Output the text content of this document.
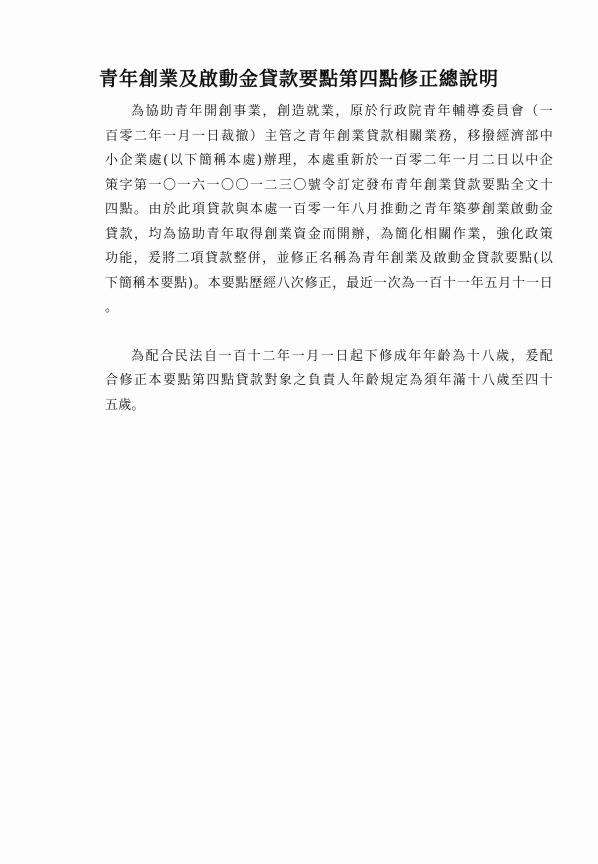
青年創業及啟動金貸款要點第四點修正總說明
為協助青年開創事業，創造就業，原於行政院青年輔導委員會（一
百零二年一月一日裁撤）主管之青年創業貸款相關業務，移撥經濟部中
小企業處(以下簡稱本處)辦理，本處重新於一百零二年一月二日以中企
策字第一〇一六一〇〇一二三〇號令訂定發布青年創業貸款要點全文十
四點。由於此項貸款與本處一百零一年八月推動之青年築夢創業啟動金
貸款，均為協助青年取得創業資金而開辦，為簡化相關作業，強化政策
功能，爰將二項貸款整併，並修正名稱為青年創業及啟動金貸款要點(以
下簡稱本要點)。本要點歷經八次修正，最近一次為一百十一年五月十一日
。
為配合民法自一百十二年一月一日起下修成年年齡為十八歲，爰配
合修正本要點第四點貸款對象之負責人年齡規定為須年滿十八歲至四十
五歲。
